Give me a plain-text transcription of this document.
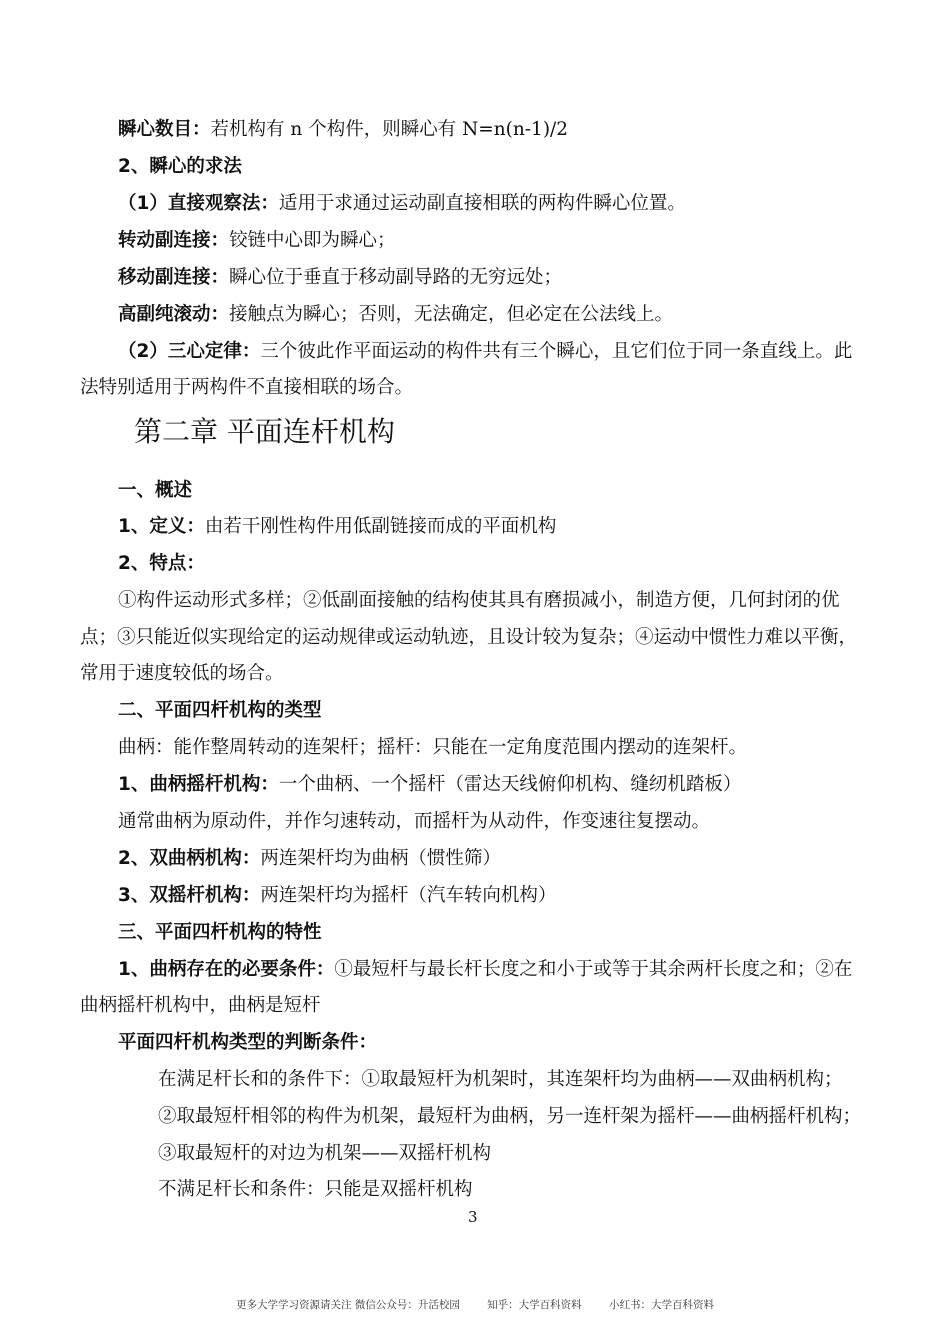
瞬心数目：若机构有 n 个构件，则瞬心有 N=n(n-1)/2
2、瞬心的求法
（1）直接观察法：适用于求通过运动副直接相联的两构件瞬心位置。
转动副连接：铰链中心即为瞬心；
移动副连接：瞬心位于垂直于移动副导路的无穷远处；
高副纯滚动：接触点为瞬心；否则，无法确定，但必定在公法线上。
（2）三心定律：三个彼此作平面运动的构件共有三个瞬心，且它们位于同一条直线上。此
法特别适用于两构件不直接相联的场合。
一、概述
1、定义：由若干刚性构件用低副链接而成的平面机构
2、特点：
①构件运动形式多样；②低副面接触的结构使其具有磨损减小，制造方便，几何封闭的优
点；③只能近似实现给定的运动规律或运动轨迹，且设计较为复杂；④运动中惯性力难以平衡，
常用于速度较低的场合。
二、平面四杆机构的类型
曲柄：能作整周转动的连架杆；摇杆：只能在一定角度范围内摆动的连架杆。
1、曲柄摇杆机构：一个曲柄、一个摇杆（雷达天线俯仰机构、缝纫机踏板）
通常曲柄为原动件，并作匀速转动，而摇杆为从动件，作变速往复摆动。
2、双曲柄机构：两连架杆均为曲柄（惯性筛）
3、双摇杆机构：两连架杆均为摇杆（汽车转向机构）
三、平面四杆机构的特性
1、曲柄存在的必要条件：①最短杆与最长杆长度之和小于或等于其余两杆长度之和；②在
曲柄摇杆机构中，曲柄是短杆
平面四杆机构类型的判断条件：
在满足杆长和的条件下：①取最短杆为机架时，其连架杆均为曲柄——双曲柄机构；
②取最短杆相邻的构件为机架，最短杆为曲柄，另一连杆架为摇杆——曲柄摇杆机构；
③取最短杆的对边为机架——双摇杆机构
不满足杆长和条件：只能是双摇杆机构
第二章 平面连杆机构
3
更多大学学习资源请关注 微信公众号：升活校园	知乎：大学百科资料	小红书：大学百科资料
